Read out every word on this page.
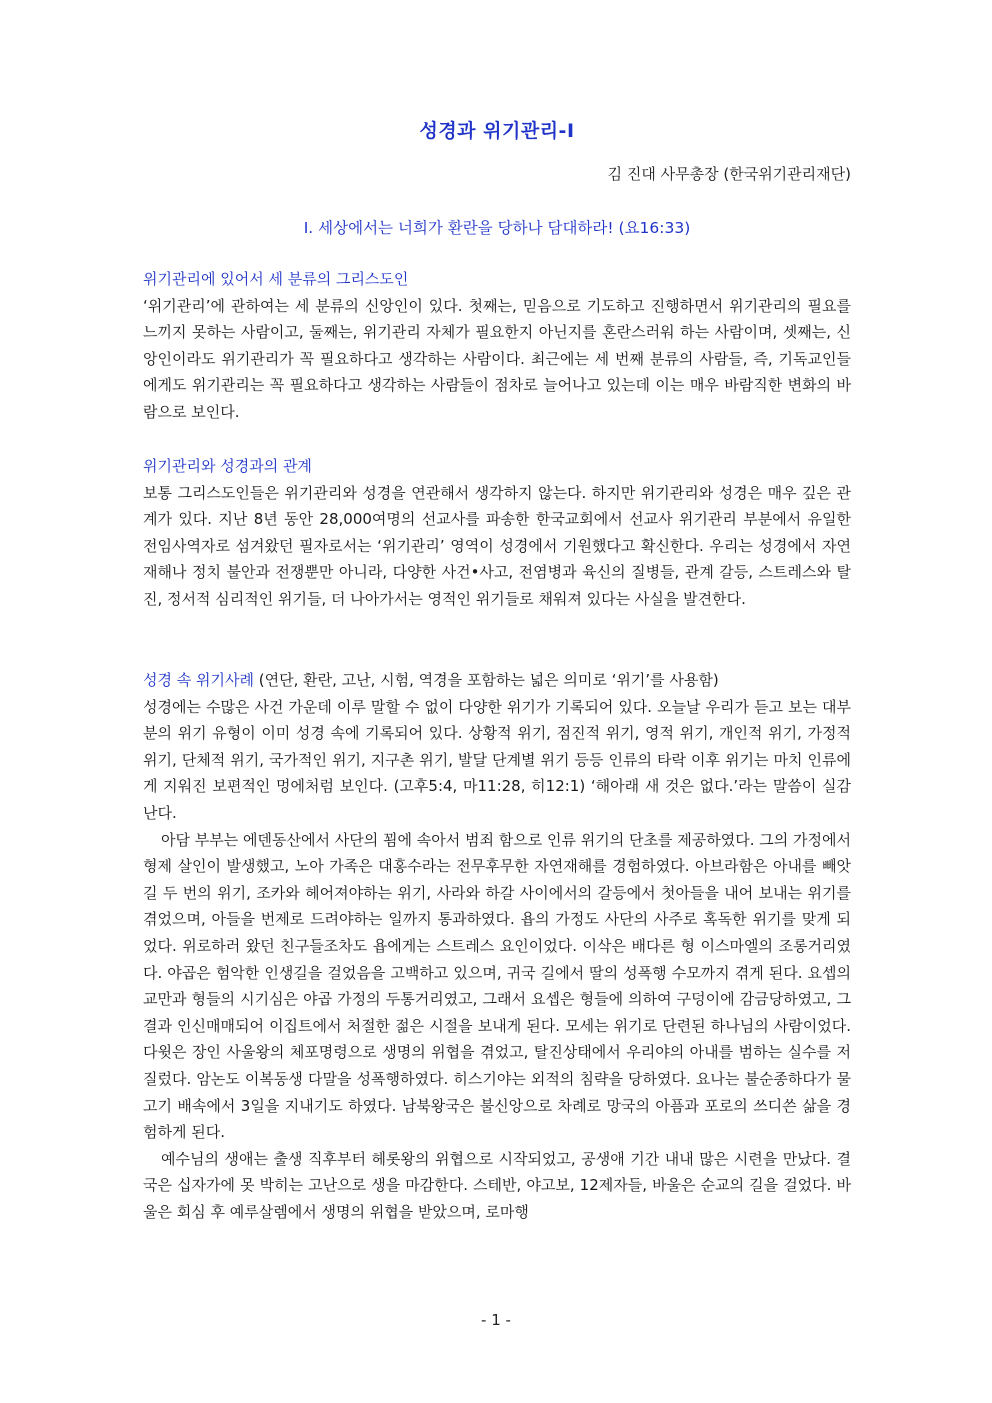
성경과 위기관리-Ⅰ
김 진대 사무총장 (한국위기관리재단)
Ⅰ. 세상에서는 너희가 환란을 당하나 담대하라! (요16:33)
위기관리에 있어서 세 분류의 그리스도인

‘위기관리’에 관하여는 세 분류의 신앙인이 있다. 첫째는, 믿음으로 기도하고 진행하면서 위기관리의 필요를 느끼지 못하는 사람이고, 둘째는, 위기관리 자체가 필요한지 아닌지를 혼란스러워 하는 사람이며, 셋째는, 신앙인이라도 위기관리가 꼭 필요하다고 생각하는 사람이다. 최근에는 세 번째 분류의 사람들, 즉, 기독교인들에게도 위기관리는 꼭 필요하다고 생각하는 사람들이 점차로 늘어나고 있는데 이는 매우 바람직한 변화의 바람으로 보인다.

위기관리와 성경과의 관계

보통 그리스도인들은 위기관리와 성경을 연관해서 생각하지 않는다. 하지만 위기관리와 성경은 매우 깊은 관계가 있다. 지난 8년 동안 28,000여명의 선교사를 파송한 한국교회에서 선교사 위기관리 부분에서 유일한 전임사역자로 섬겨왔던 필자로서는 ‘위기관리’ 영역이 성경에서 기원했다고 확신한다. 우리는 성경에서 자연재해나 정치 불안과 전쟁뿐만 아니라, 다양한 사건•사고, 전염병과 육신의 질병들, 관계 갈등, 스트레스와 탈진, 정서적 심리적인 위기들, 더 나아가서는 영적인 위기들로 채워져 있다는 사실을 발견한다.

성경 속 위기사례 (연단, 환란, 고난, 시험, 역경을 포함하는 넓은 의미로 ‘위기’를 사용함)

성경에는 수많은 사건 가운데 이루 말할 수 없이 다양한 위기가 기록되어 있다. 오늘날 우리가 듣고 보는 대부분의 위기 유형이 이미 성경 속에 기록되어 있다. 상황적 위기, 점진적 위기, 영적 위기, 개인적 위기, 가정적 위기, 단체적 위기, 국가적인 위기, 지구촌 위기, 발달 단계별 위기 등등 인류의 타락 이후 위기는 마치 인류에게 지워진 보편적인 멍에처럼 보인다. (고후5:4, 마11:28, 히12:1) ‘해아래 새 것은 없다.’라는 말씀이 실감난다.

아담 부부는 에덴동산에서 사단의 꾐에 속아서 범죄 함으로 인류 위기의 단초를 제공하였다. 그의 가정에서 형제 살인이 발생했고, 노아 가족은 대홍수라는 전무후무한 자연재해를 경험하였다. 아브라함은 아내를 빼앗길 두 번의 위기, 조카와 헤어져야하는 위기, 사라와 하갈 사이에서의 갈등에서 첫아들을 내어 보내는 위기를 겪었으며, 아들을 번제로 드려야하는 일까지 통과하였다. 욥의 가정도 사단의 사주로 혹독한 위기를 맞게 되었다. 위로하러 왔던 친구들조차도 욥에게는 스트레스 요인이었다. 이삭은 배다른 형 이스마엘의 조롱거리였다. 야곱은 험악한 인생길을 걸었음을 고백하고 있으며, 귀국 길에서 딸의 성폭행 수모까지 겪게 된다. 요셉의 교만과 형들의 시기심은 야곱 가정의 두통거리였고, 그래서 요셉은 형들에 의하여 구덩이에 감금당하였고, 그 결과 인신매매되어 이집트에서 처절한 젊은 시절을 보내게 된다. 모세는 위기로 단련된 하나님의 사람이었다. 다윗은 장인 사울왕의 체포명령으로 생명의 위협을 겪었고, 탈진상태에서 우리야의 아내를 범하는 실수를 저질렀다. 암논도 이복동생 다말을 성폭행하였다. 히스기야는 외적의 침략을 당하였다. 요나는 불순종하다가 물고기 배속에서 3일을 지내기도 하였다. 남북왕국은 불신앙으로 차례로 망국의 아픔과 포로의 쓰디쓴 삶을 경험하게 된다.

예수님의 생애는 출생 직후부터 헤롯왕의 위협으로 시작되었고, 공생애 기간 내내 많은 시련을 만났다. 결국은 십자가에 못 박히는 고난으로 생을 마감한다. 스테반, 야고보, 12제자들, 바울은 순교의 길을 걸었다. 바울은 회심 후 예루살렘에서 생명의 위협을 받았으며, 로마행

- 1 -
